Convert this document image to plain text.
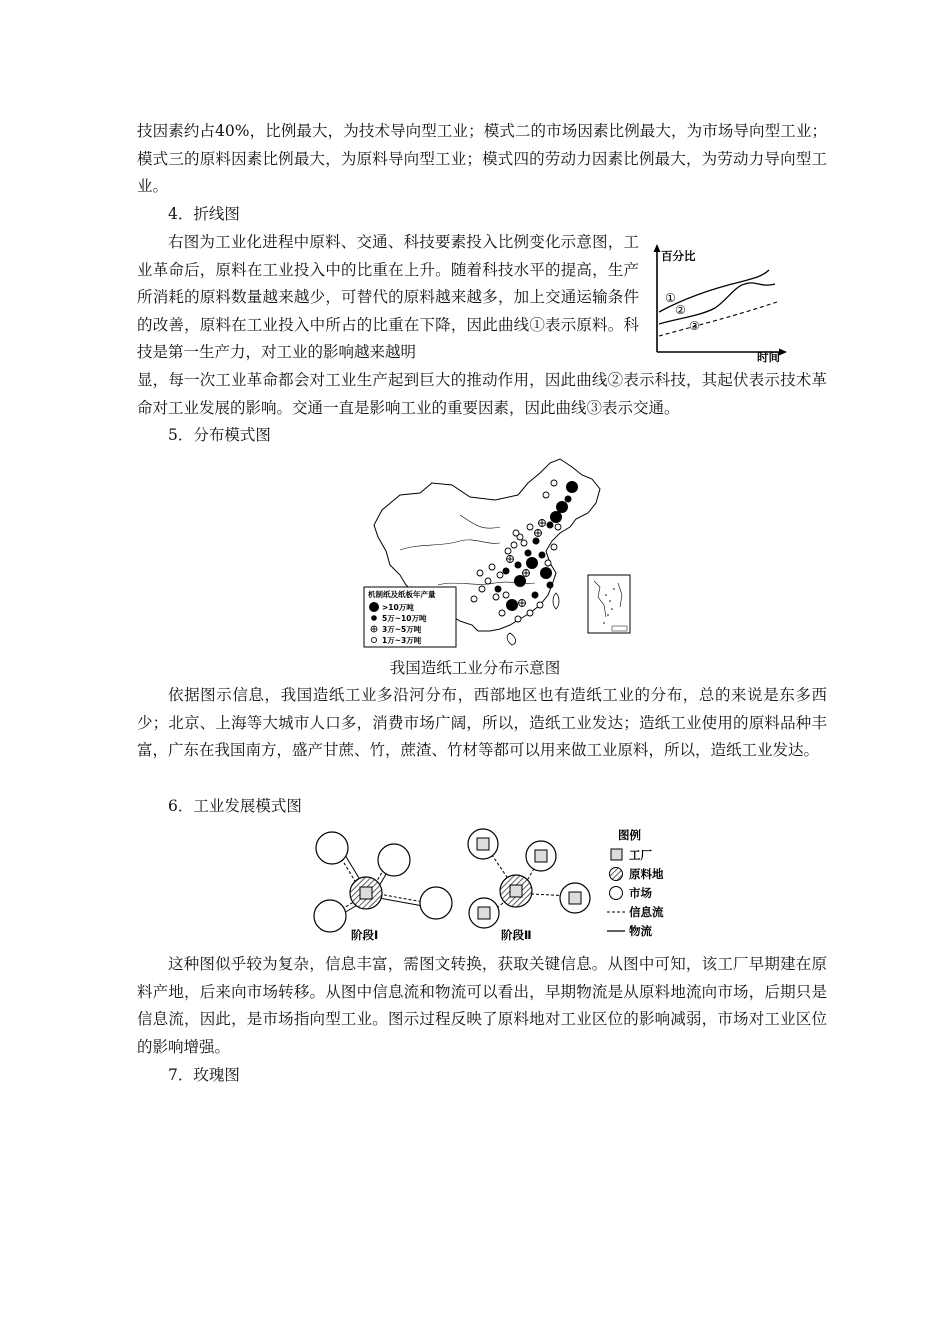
技因素约占40%，比例最大，为技术导向型工业；模式二的市场因素比例最大，为市场导向型工业；模式三的原料因素比例最大，为原料导向型工业；模式四的劳动力因素比例最大，为劳动力导向型工业。

4．折线图

右图为工业化进程中原料、交通、科技要素投入比例变化示意图，工业革命后，原料在工业投入中的比重在上升。随着科技水平的提高，生产所消耗的原料数量越来越少，可替代的原料越来越多，加上交通运输条件的改善，原料在工业投入中所占的比重在下降，因此曲线①表示原料。科技是第一生产力，对工业的影响越来越明

显，每一次工业革命都会对工业生产起到巨大的推动作用，因此曲线②表示科技，其起伏表示技术革命对工业发展的影响。交通一直是影响工业的重要因素，因此曲线③表示交通。

百分比
时间
①
②
③

5．分布模式图

机制纸及纸板年产量
>10万吨
5万~10万吨
3万~5万吨
1万~3万吨
我国造纸工业分布示意图

依据图示信息，我国造纸工业多沿河分布，西部地区也有造纸工业的分布，总的来说是东多西少；北京、上海等大城市人口多，消费市场广阔，所以，造纸工业发达；造纸工业使用的原料品种丰富，广东在我国南方，盛产甘蔗、竹，蔗渣、竹材等都可以用来做工业原料，所以，造纸工业发达。

6．工业发展模式图

阶段Ⅰ	阶段Ⅱ
图例
工厂
原料地
市场
信息流
物流

这种图似乎较为复杂，信息丰富，需图文转换，获取关键信息。从图中可知，该工厂早期建在原料产地，后来向市场转移。从图中信息流和物流可以看出，早期物流是从原料地流向市场，后期只是信息流，因此，是市场指向型工业。图示过程反映了原料地对工业区位的影响减弱，市场对工业区位的影响增强。

7．玫瑰图
